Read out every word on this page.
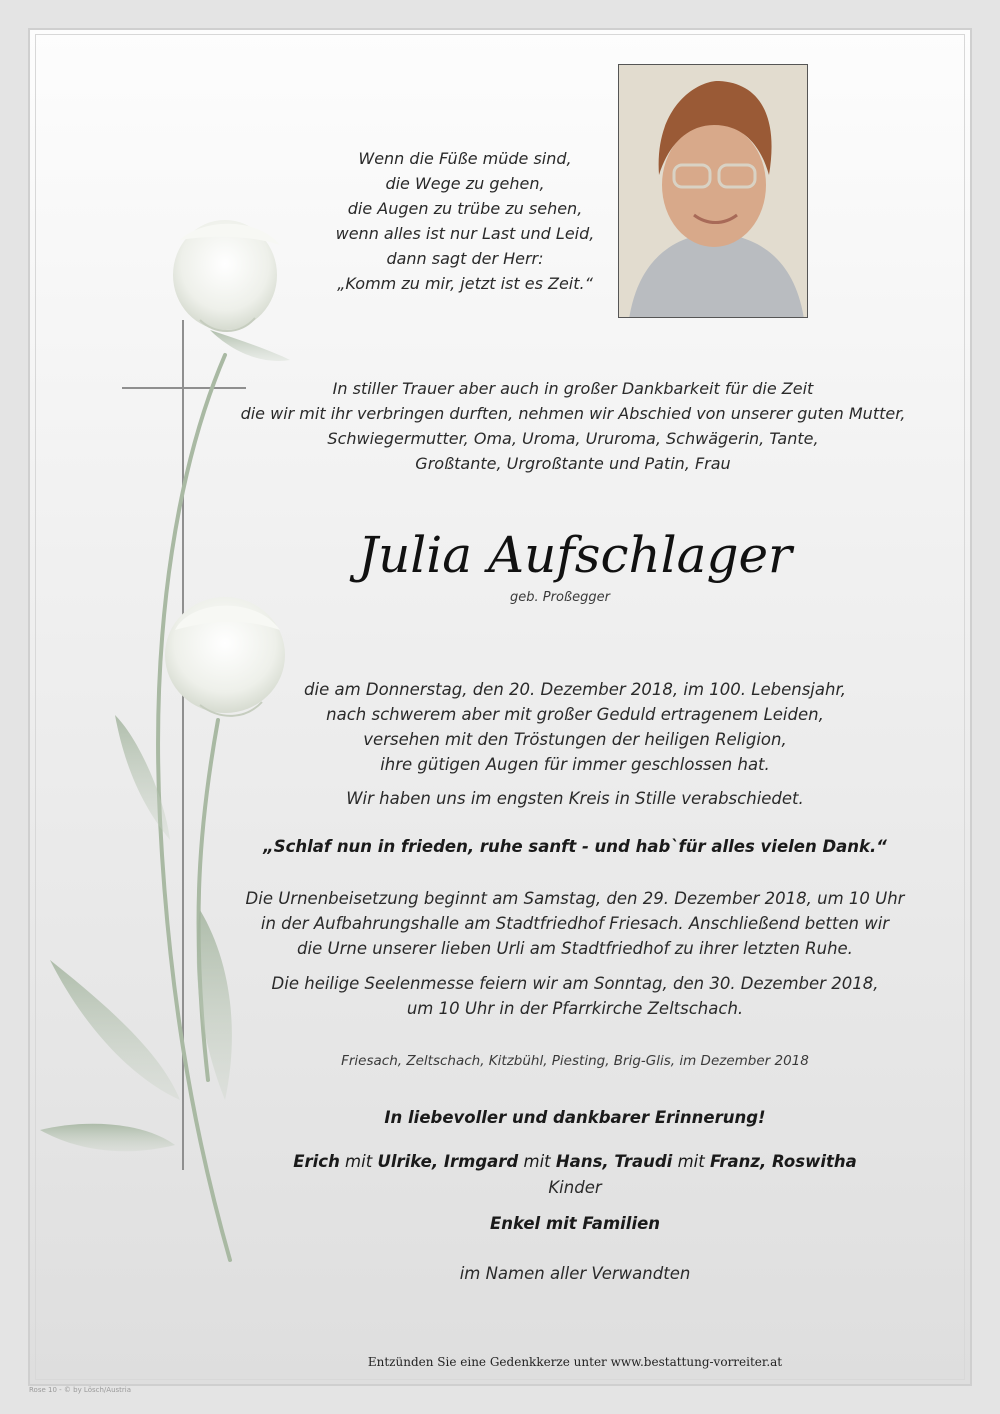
Wenn die Füße müde sind,
die Wege zu gehen,
die Augen zu trübe zu sehen,
wenn alles ist nur Last und Leid,
dann sagt der Herr:
„Komm zu mir, jetzt ist es Zeit.“
In stiller Trauer aber auch in großer Dankbarkeit für die Zeit
die wir mit ihr verbringen durften, nehmen wir Abschied von unserer guten Mutter,
Schwiegermutter, Oma, Uroma, Ururoma, Schwägerin, Tante,
Großtante, Urgroßtante und Patin, Frau
Julia Aufschlager
geb. Proßegger
die am Donnerstag, den 20. Dezember 2018, im 100. Lebensjahr,
nach schwerem aber mit großer Geduld ertragenem Leiden,
versehen mit den Tröstungen der heiligen Religion,
ihre gütigen Augen für immer geschlossen hat.
Wir haben uns im engsten Kreis in Stille verabschiedet.
„Schlaf nun in frieden, ruhe sanft - und hab`für alles vielen Dank.“
Die Urnenbeisetzung beginnt am Samstag, den 29. Dezember 2018, um 10 Uhr
in der Aufbahrungshalle am Stadtfriedhof Friesach. Anschließend betten wir
die Urne unserer lieben Urli am Stadtfriedhof zu ihrer letzten Ruhe.
Die heilige Seelenmesse feiern wir am Sonntag, den 30. Dezember 2018,
um 10 Uhr in der Pfarrkirche Zeltschach.
Friesach, Zeltschach, Kitzbühl, Piesting, Brig-Glis, im Dezember 2018
In liebevoller und dankbarer Erinnerung!
Erich mit Ulrike, Irmgard mit Hans, Traudi mit Franz, Roswitha
Kinder
Enkel mit Familien
im Namen aller Verwandten
Entzünden Sie eine Gedenkkerze unter www.bestattung-vorreiter.at
Rose 10 - © by Lösch/Austria
